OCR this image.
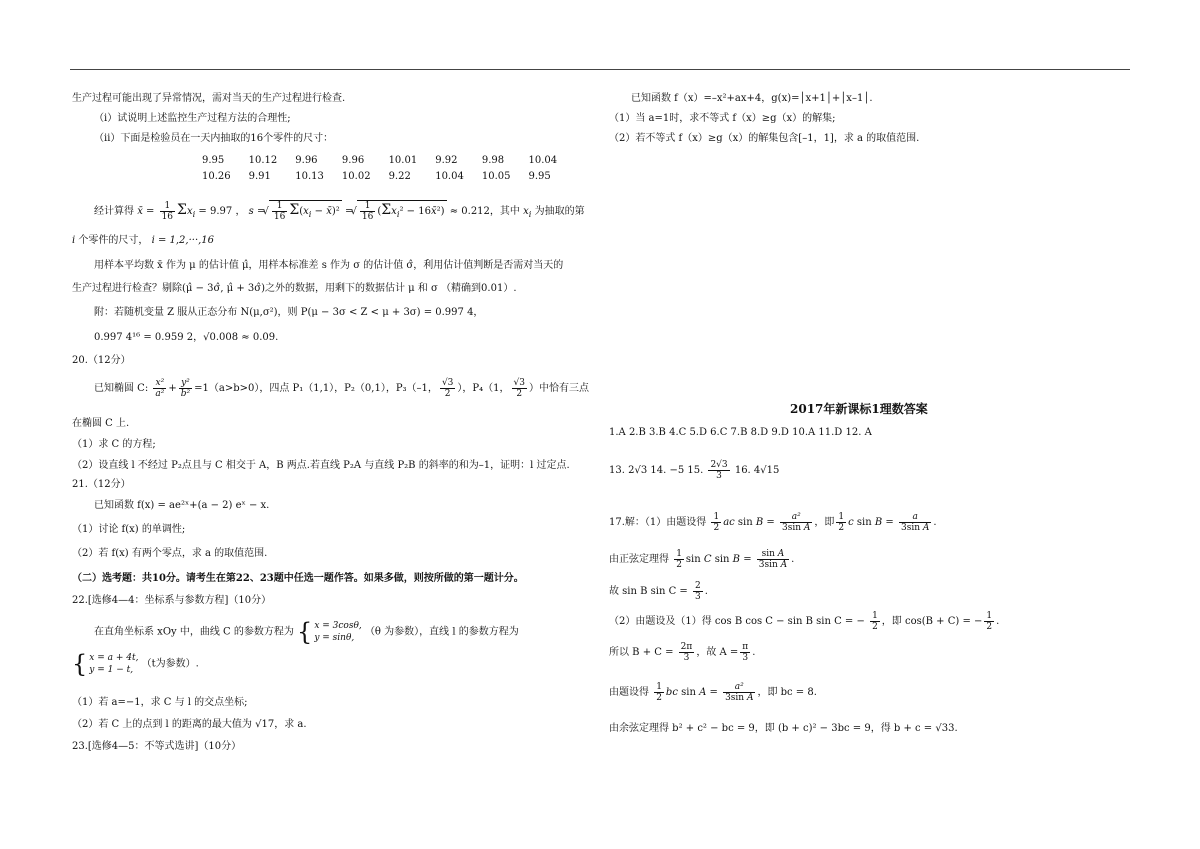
生产过程可能出现了异常情况，需对当天的生产过程进行检查.
（ⅰ）试说明上述监控生产过程方法的合理性;
（ⅱ）下面是检验员在一天内抽取的16个零件的尺寸：
9.95	10.12	9.96	9.96	10.01	9.92	9.98	10.04
10.26	9.91	10.13	10.02	9.22	10.04	10.05	9.95
经计算得 x̄ = $\frac{1}{16} \Sigma x_i = 9.97$ ， s = √ $\frac{1}{16} \Sigma(x_i$ − x̄)² = √ $\frac{1}{16} (\Sigma x_i^2$ − 16x̄²) ≈ 0.212，其中 $x_i$ 为抽取的第
i 个零件的尺寸， i = 1,2,···,16
用样本平均数 x̄ 作为 μ 的估计值 μ̂，用样本标准差 s 作为 σ 的估计值 σ̂，利用估计值判断是否需对当天的
生产过程进行检查？剔除(μ̂ − 3σ̂, μ̂ + 3σ̂)之外的数据，用剩下的数据估计 μ 和 σ （精确到0.01）.
附：若随机变量 Z 服从正态分布 N(μ,σ²)，则 P(μ − 3σ < Z < μ + 3σ) = 0.997 4，
0.997 4¹⁶ = 0.959 2，√0.008 ≈ 0.09.
20.（12分）
已知椭圆 C: $\frac{\text{x²}}{\text{a²}} + \frac{\text{y²}}{\text{b²}} =1(a>b>0)$，四点 P₁（1,1），P₂（0,1），P₃（–1， $\frac{√3}{2}$ ），P₄（1， $\frac{√3}{2}$ ）中恰有三点
在椭圆 C 上.
（1）求 C 的方程;
（2）设直线 l 不经过 P₂点且与 C 相交于 A，B 两点.若直线 P₂A 与直线 P₂B 的斜率的和为–1，证明：l 过定点.
21.（12分）
已知函数 f(x) = ae²ˣ+(a − 2) eˣ − x.
（1）讨论 f(x) 的单调性;
（2）若 f(x) 有两个零点，求 a 的取值范围.
（二）选考题：共10分。请考生在第22、23题中任选一题作答。如果多做，则按所做的第一题计分。
22.[选修4—4：坐标系与参数方程]（10分）
在直角坐标系 xOy 中，曲线 C 的参数方程为 { x = 3cosθ,
y = sinθ,
（θ 为参数），直线 l 的参数方程为
{ x = a + 4t,
y = 1 − t,
（t为参数）.
（1）若 a=−1，求 C 与 l 的交点坐标;
（2）若 C 上的点到 l 的距离的最大值为 √17，求 a.
23.[选修4—5：不等式选讲]（10分）
已知函数 f（x）=–x²+ax+4，g(x)=│x+1│+│x–1│.
（1）当 a=1时，求不等式 f（x）≥g（x）的解集;
（2）若不等式 f（x）≥g（x）的解集包含[–1，1]，求 a 的取值范围.
2017年新课标1理数答案
1.A 2.B 3.B 4.C 5.D 6.C 7.B 8.D 9.D 10.A 11.D 12. A
13. 2√3 14. −5 15. $\frac{2√3}{3} 16$. 4√15
17.解：（1）由题设得 $\frac{1}{2}$ ac $\sin B = \frac{\text{a²}}{\text{3sin A}}$ ，即 $\frac{1}{2}$ c $\sin B = \frac{a}{\text{3sin A}}$ .
由正弦定理得 $\frac{1}{2}$ sin C $\sin B = \frac{\text{sin A}}{\text{3sin A}}$ .
故 sin B $\sin C = \frac{2}{3}$ .
（2）由题设及（1）得 cos B cos C − sin B sin C = − $\frac{1}{2}$ ，即 cos(B + C) = − $\frac{1}{2}$ .
所以 $B + C = \frac{2\pi}{3}$ ，故 $A = \frac{\pi}{3}$ .
由题设得 $\frac{1}{2}$ bc $\sin A = \frac{\text{a²}}{\text{3sin A}}$ ，即 bc = 8.
由余弦定理得 b² + c² − bc = 9，即 (b + c)² − 3bc = 9，得 b + c = √33.
